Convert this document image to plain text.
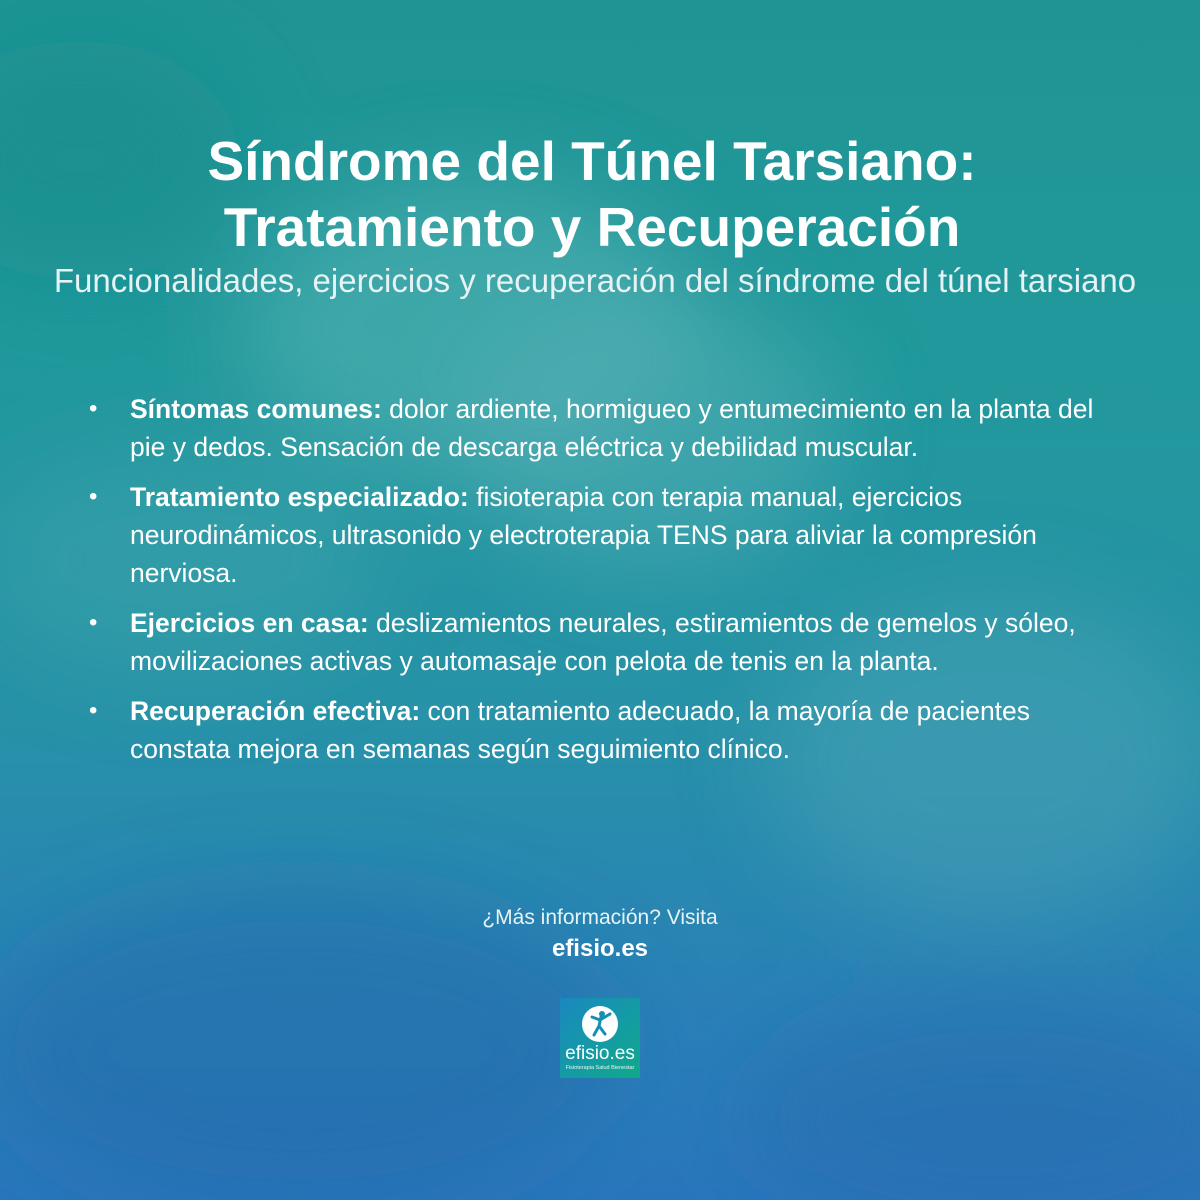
Síndrome del Túnel Tarsiano:
Tratamiento y Recuperación

Funcionalidades, ejercicios y recuperación del síndrome del túnel tarsiano

• Síntomas comunes: dolor ardiente, hormigueo y entumecimiento en la planta del pie y dedos. Sensación de descarga eléctrica y debilidad muscular.
• Tratamiento especializado: fisioterapia con terapia manual, ejercicios neurodinámicos, ultrasonido y electroterapia TENS para aliviar la compresión nerviosa.
• Ejercicios en casa: deslizamientos neurales, estiramientos de gemelos y sóleo, movilizaciones activas y automasaje con pelota de tenis en la planta.
• Recuperación efectiva: con tratamiento adecuado, la mayoría de pacientes constata mejora en semanas según seguimiento clínico.
¿Más información? Visita
efisio.es
efisio.es
Fisioterapia Salud Bienestar
